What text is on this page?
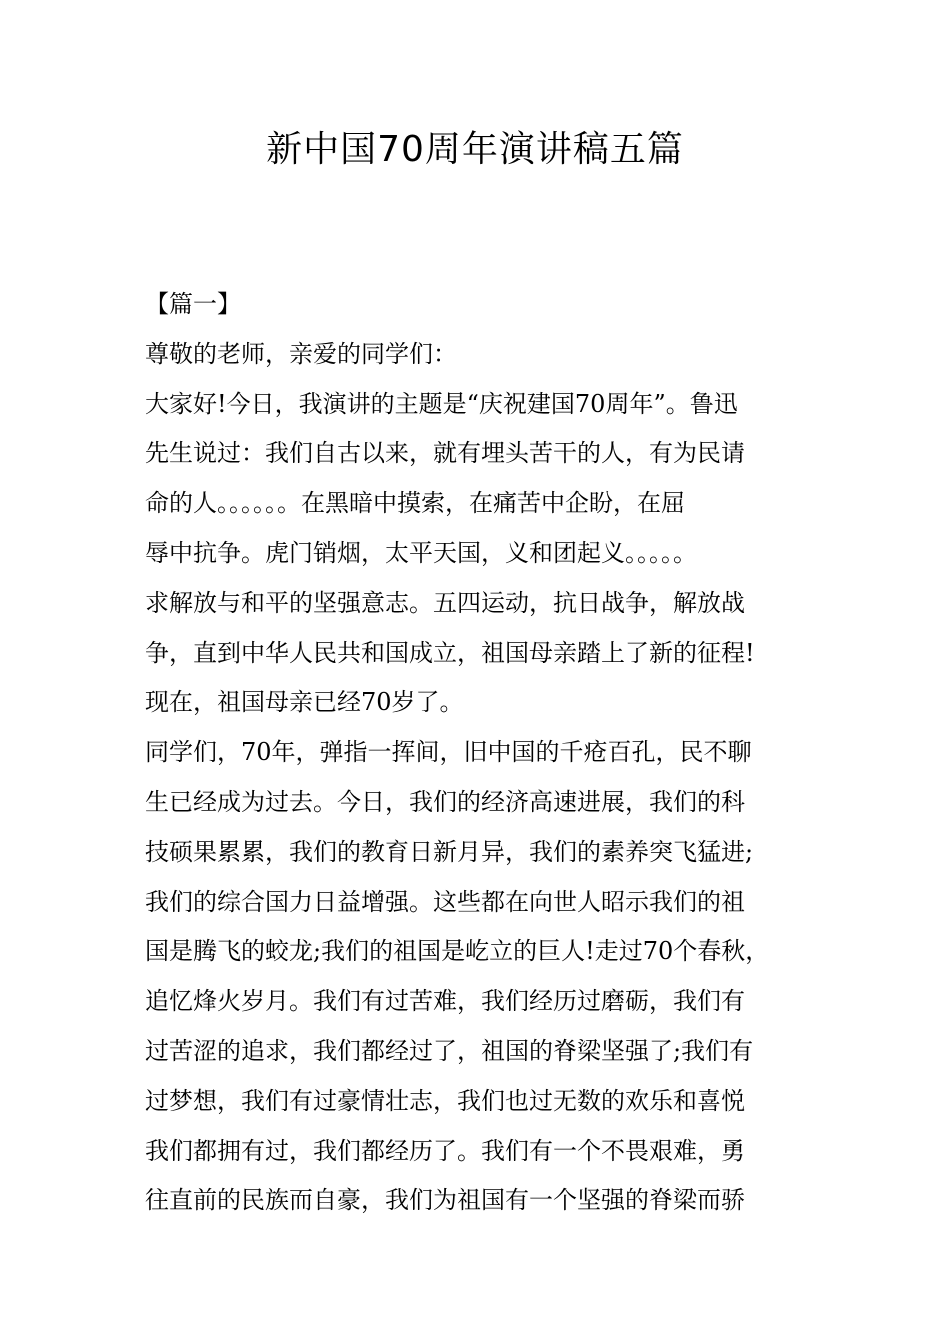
新中国70周年演讲稿五篇
【篇一】
尊敬的老师，亲爱的同学们：
大家好!今日，我演讲的主题是“庆祝建国70周年”。鲁迅
先生说过：我们自古以来，就有埋头苦干的人，有为民请
命的人。。。。。。在黑暗中摸索，在痛苦中企盼，在屈
辱中抗争。虎门销烟，太平天国，义和团起义。。。。。
求解放与和平的坚强意志。五四运动，抗日战争，解放战
争，直到中华人民共和国成立，祖国母亲踏上了新的征程!
现在，祖国母亲已经70岁了。
同学们，70年，弹指一挥间，旧中国的千疮百孔，民不聊
生已经成为过去。今日，我们的经济高速进展，我们的科
技硕果累累，我们的教育日新月异，我们的素养突飞猛进;
我们的综合国力日益增强。这些都在向世人昭示我们的祖
国是腾飞的蛟龙;我们的祖国是屹立的巨人!走过70个春秋，
追忆烽火岁月。我们有过苦难，我们经历过磨砺，我们有
过苦涩的追求，我们都经过了，祖国的脊梁坚强了;我们有
过梦想，我们有过豪情壮志，我们也过无数的欢乐和喜悦
我们都拥有过，我们都经历了。我们有一个不畏艰难，勇
往直前的民族而自豪，我们为祖国有一个坚强的脊梁而骄
